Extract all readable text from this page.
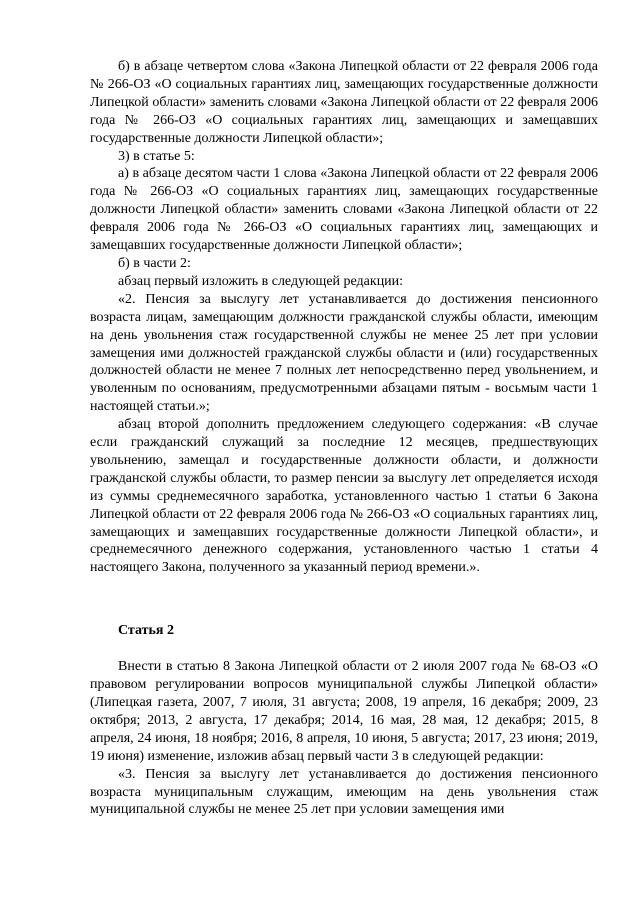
б) в абзаце четвертом слова «Закона Липецкой области от 22 февраля 2006 года № 266-ОЗ «О социальных гарантиях лиц, замещающих государственные должности Липецкой области» заменить словами «Закона Липецкой области от 22 февраля 2006 года № 266-ОЗ «О социальных гарантиях лиц, замещающих и замещавших государственные должности Липецкой области»;

3) в статье 5:

а) в абзаце десятом части 1 слова «Закона Липецкой области от 22 февраля 2006 года № 266-ОЗ «О социальных гарантиях лиц, замещающих государственные должности Липецкой области» заменить словами «Закона Липецкой области от 22 февраля 2006 года № 266-ОЗ «О социальных гарантиях лиц, замещающих и замещавших государственные должности Липецкой области»;

б) в части 2:

абзац первый изложить в следующей редакции:

«2. Пенсия за выслугу лет устанавливается до достижения пенсионного возраста лицам, замещающим должности гражданской службы области, имеющим на день увольнения стаж государственной службы не менее 25 лет при условии замещения ими должностей гражданской службы области и (или) государственных должностей области не менее 7 полных лет непосредственно перед увольнением, и уволенным по основаниям, предусмотренными абзацами пятым - восьмым части 1 настоящей статьи.»;

абзац второй дополнить предложением следующего содержания: «В случае если гражданский служащий за последние 12 месяцев, предшествующих увольнению, замещал и государственные должности области, и должности гражданской службы области, то размер пенсии за выслугу лет определяется исходя из суммы среднемесячного заработка, установленного частью 1 статьи 6 Закона Липецкой области от 22 февраля 2006 года № 266-ОЗ «О социальных гарантиях лиц, замещающих и замещавших государственные должности Липецкой области», и среднемесячного денежного содержания, установленного частью 1 статьи 4 настоящего Закона, полученного за указанный период времени.».

Статья 2

Внести в статью 8 Закона Липецкой области от 2 июля 2007 года № 68-ОЗ «О правовом регулировании вопросов муниципальной службы Липецкой области» (Липецкая газета, 2007, 7 июля, 31 августа; 2008, 19 апреля, 16 декабря; 2009, 23 октября; 2013, 2 августа, 17 декабря; 2014, 16 мая, 28 мая, 12 декабря; 2015, 8 апреля, 24 июня, 18 ноября; 2016, 8 апреля, 10 июня, 5 августа; 2017, 23 июня; 2019, 19 июня) изменение, изложив абзац первый части 3 в следующей редакции:

«3. Пенсия за выслугу лет устанавливается до достижения пенсионного возраста муниципальным служащим, имеющим на день увольнения стаж муниципальной службы не менее 25 лет при условии замещения ими
